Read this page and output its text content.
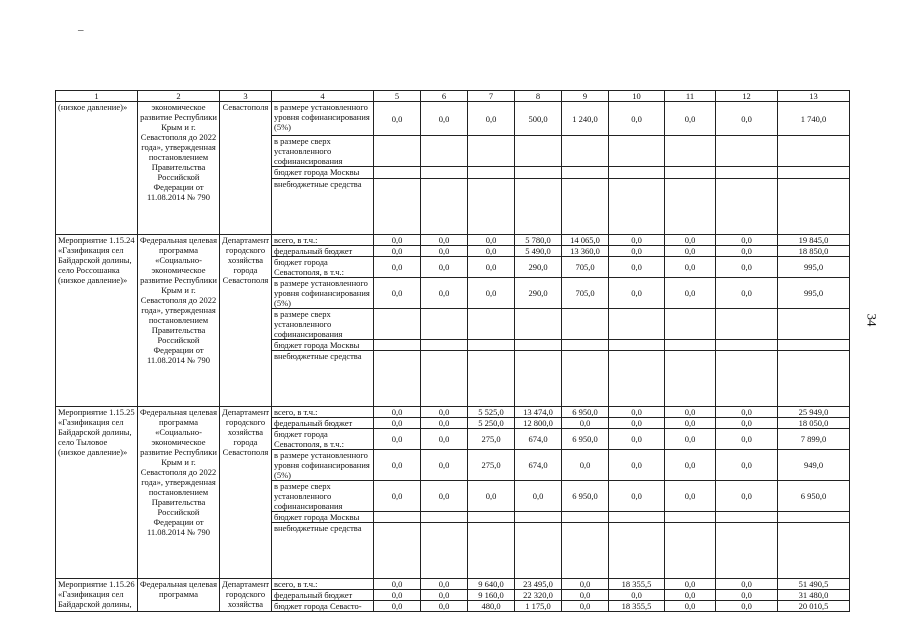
–
34
1	2	3	4	5	6	7	8	9	10	11	12	13
(низкое давление)»	экономическое развитие Республики Крым и г. Севастополя до 2022 года», утвержденная постановлением Правительства Российской Федерации от 11.08.2014 № 790	Севастополя	в размере установленного уровня софинансирования (5%)	0,0	0,0	0,0	500,0	1 240,0	0,0	0,0	0,0	1 740,0
			в размере сверх установленного софинансирования									
			бюджет города Москвы									
			внебюджетные средства									
Мероприятие 1.15.24 «Газификация сел Байдарской долины, село Россошанка (низкое давление)»	Федеральная целевая программа «Социально-экономическое развитие Республики Крым и г. Севастополя до 2022 года», утвержденная постановлением Правительства Российской Федерации от 11.08.2014 № 790	Департамент городского хозяйства города Севастополя	всего, в т.ч.:	0,0	0,0	0,0	5 780,0	14 065,0	0,0	0,0	0,0	19 845,0
			федеральный бюджет	0,0	0,0	0,0	5 490,0	13 360,0	0,0	0,0	0,0	18 850,0
			бюджет города Севастополя, в т.ч.:	0,0	0,0	0,0	290,0	705,0	0,0	0,0	0,0	995,0
			в размере установленного уровня софинансирования (5%)	0,0	0,0	0,0	290,0	705,0	0,0	0,0	0,0	995,0
			в размере сверх установленного софинансирования									
			бюджет города Москвы									
			внебюджетные средства									
Мероприятие 1.15.25 «Газификация сел Байдарской долины, село Тыловое (низкое давление)»	Федеральная целевая программа «Социально-экономическое развитие Республики Крым и г. Севастополя до 2022 года», утвержденная постановлением Правительства Российской Федерации от 11.08.2014 № 790	Департамент городского хозяйства города Севастополя	всего, в т.ч.:	0,0	0,0	5 525,0	13 474,0	6 950,0	0,0	0,0	0,0	25 949,0
			федеральный бюджет	0,0	0,0	5 250,0	12 800,0	0,0	0,0	0,0	0,0	18 050,0
			бюджет города Севастополя, в т.ч.:	0,0	0,0	275,0	674,0	6 950,0	0,0	0,0	0,0	7 899,0
			в размере установленного уровня софинансирования (5%)	0,0	0,0	275,0	674,0	0,0	0,0	0,0	0,0	949,0
			в размере сверх установленного софинансирования	0,0	0,0	0,0	0,0	6 950,0	0,0	0,0	0,0	6 950,0
			бюджет города Москвы									
			внебюджетные средства									
Мероприятие 1.15.26 «Газификация сел Байдарской долины,	Федеральная целевая программа	Департамент городского хозяйства	всего, в т.ч.:	0,0	0,0	9 640,0	23 495,0	0,0	18 355,5	0,0	0,0	51 490,5
			федеральный бюджет	0,0	0,0	9 160,0	22 320,0	0,0	0,0	0,0	0,0	31 480,0
			бюджет города Севасто-	0,0	0,0	480,0	1 175,0	0,0	18 355,5	0,0	0,0	20 010,5
